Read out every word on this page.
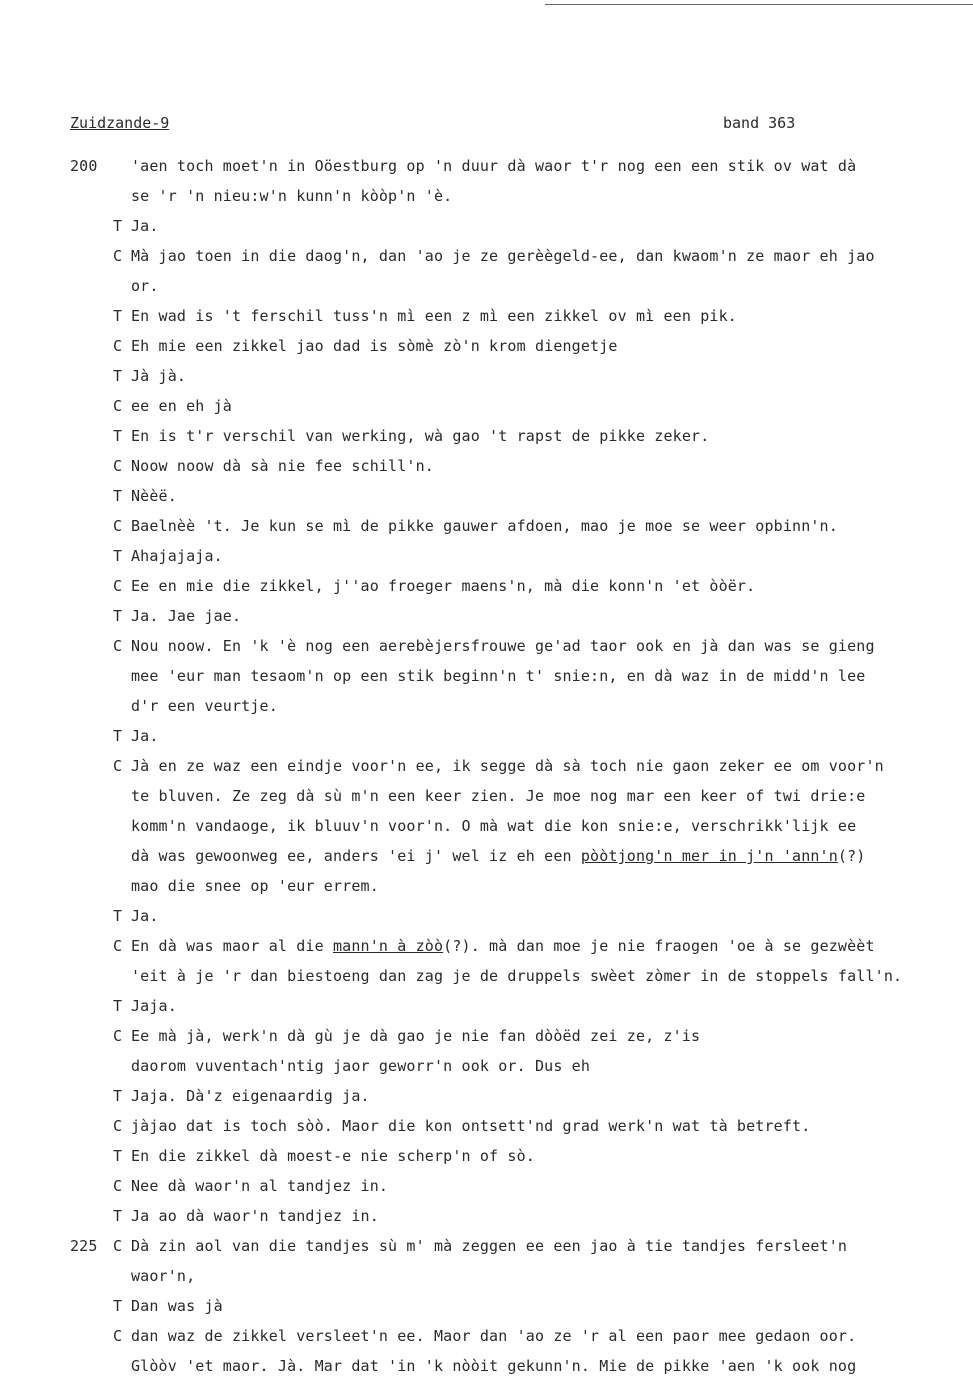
Zuidzande-9	band 363
200 'aen toch moet'n in Oöestburg op 'n duur dà waor t'r nog een een stik ov wat dà
se 'r 'n nieu:w'n kunn'n kòòp'n 'è.
T Ja.
C Mà jao toen in die daog'n, dan 'ao je ze gerèègeld-ee, dan kwaom'n ze maor eh jao
or.
T En wad is 't ferschil tuss'n mì een z mì een zikkel ov mì een pik.
C Eh mie een zikkel jao dad is sòmè zò'n krom diengetje
T Jà jà.
C ee en eh jà
T En is t'r verschil van werking, wà gao 't rapst de pikke zeker.
C Noow noow dà sà nie fee schill'n.
T Nèèë.
C Baelnèè 't. Je kun se mì de pikke gauwer afdoen, mao je moe se weer opbinn'n.
T Ahajajaja.
C Ee en mie die zikkel, j''ao froeger maens'n, mà die konn'n 'et òòër.
T Ja. Jae jae.
C Nou noow. En 'k 'è nog een aerebèjersfrouwe ge'ad taor ook en jà dan was se gieng
mee 'eur man tesaom'n op een stik beginn'n t' snie:n, en dà waz in de midd'n lee
d'r een veurtje.
T Ja.
C Jà en ze waz een eindje voor'n ee, ik segge dà sà toch nie gaon zeker ee om voor'n
te bluven. Ze zeg dà sù m'n een keer zien. Je moe nog mar een keer of twi drie:e
komm'n vandaoge, ik bluuv'n voor'n. O mà wat die kon snie:e, verschrikk'lijk ee
dà was gewoonweg ee, anders 'ei j' wel iz eh een pòòtjong'n mer in j'n 'ann'n(?)
mao die snee op 'eur errem.
T Ja.
C En dà was maor al die mann'n à zòò(?). mà dan moe je nie fraogen 'oe à se gezwèèt
'eit à je 'r dan biestoeng dan zag je de druppels swèet zòmer in de stoppels fall'n.
T Jaja.
C Ee mà jà, werk'n dà gù je dà gao je nie fan dòòëd zei ze, z'is
daorom vuventach'ntig jaor geworr'n ook or. Dus eh
T Jaja. Dà'z eigenaardig ja.
C jàjao dat is toch sòò. Maor die kon ontsett'nd grad werk'n wat tà betreft.
T En die zikkel dà moest-e nie scherp'n of sò.
C Nee dà waor'n al tandjez in.
T Ja ao dà waor'n tandjez in.
225 C Dà zin aol van die tandjes sù m' mà zeggen ee een jao à tie tandjes fersleet'n
waor'n,
T Dan was jà
C dan waz de zikkel versleet'n ee. Maor dan 'ao ze 'r al een paor mee gedaon oor.
Glòòv 'et maor. Jà. Mar dat 'in 'k nòòit gekunn'n. Mie de pikke 'aen 'k ook nog
